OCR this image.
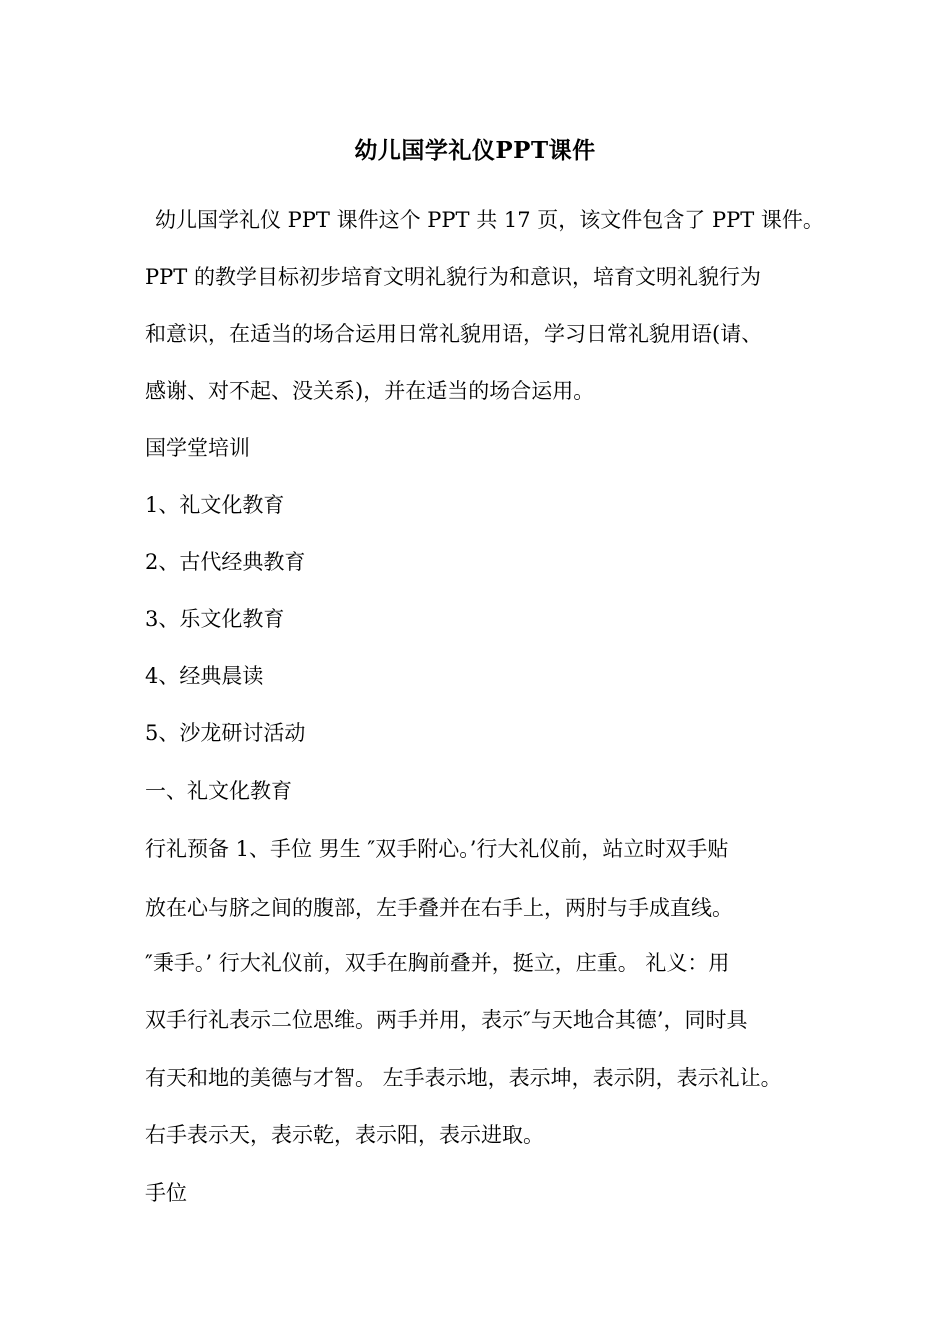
幼儿国学礼仪PPT课件
幼儿国学礼仪 PPT 课件这个 PPT 共 17 页，该文件包含了 PPT 课件。
PPT 的教学目标初步培育文明礼貌行为和意识，培育文明礼貌行为
和意识，在适当的场合运用日常礼貌用语，学习日常礼貌用语(请、
感谢、对不起、没关系)，并在适当的场合运用。
国学堂培训
1、礼文化教育
2、古代经典教育
3、乐文化教育
4、经典晨读
5、沙龙研讨活动
一、礼文化教育
行礼预备 1、手位 男生 ″双手附心。’行大礼仪前，站立时双手贴
放在心与脐之间的腹部，左手叠并在右手上，两肘与手成直线。
″秉手。’ 行大礼仪前，双手在胸前叠并，挺立，庄重。 礼义：用
双手行礼表示二位思维。两手并用，表示″与天地合其德’，同时具
有天和地的美德与才智。 左手表示地，表示坤，表示阴，表示礼让。
右手表示天，表示乾，表示阳，表示进取。
手位
